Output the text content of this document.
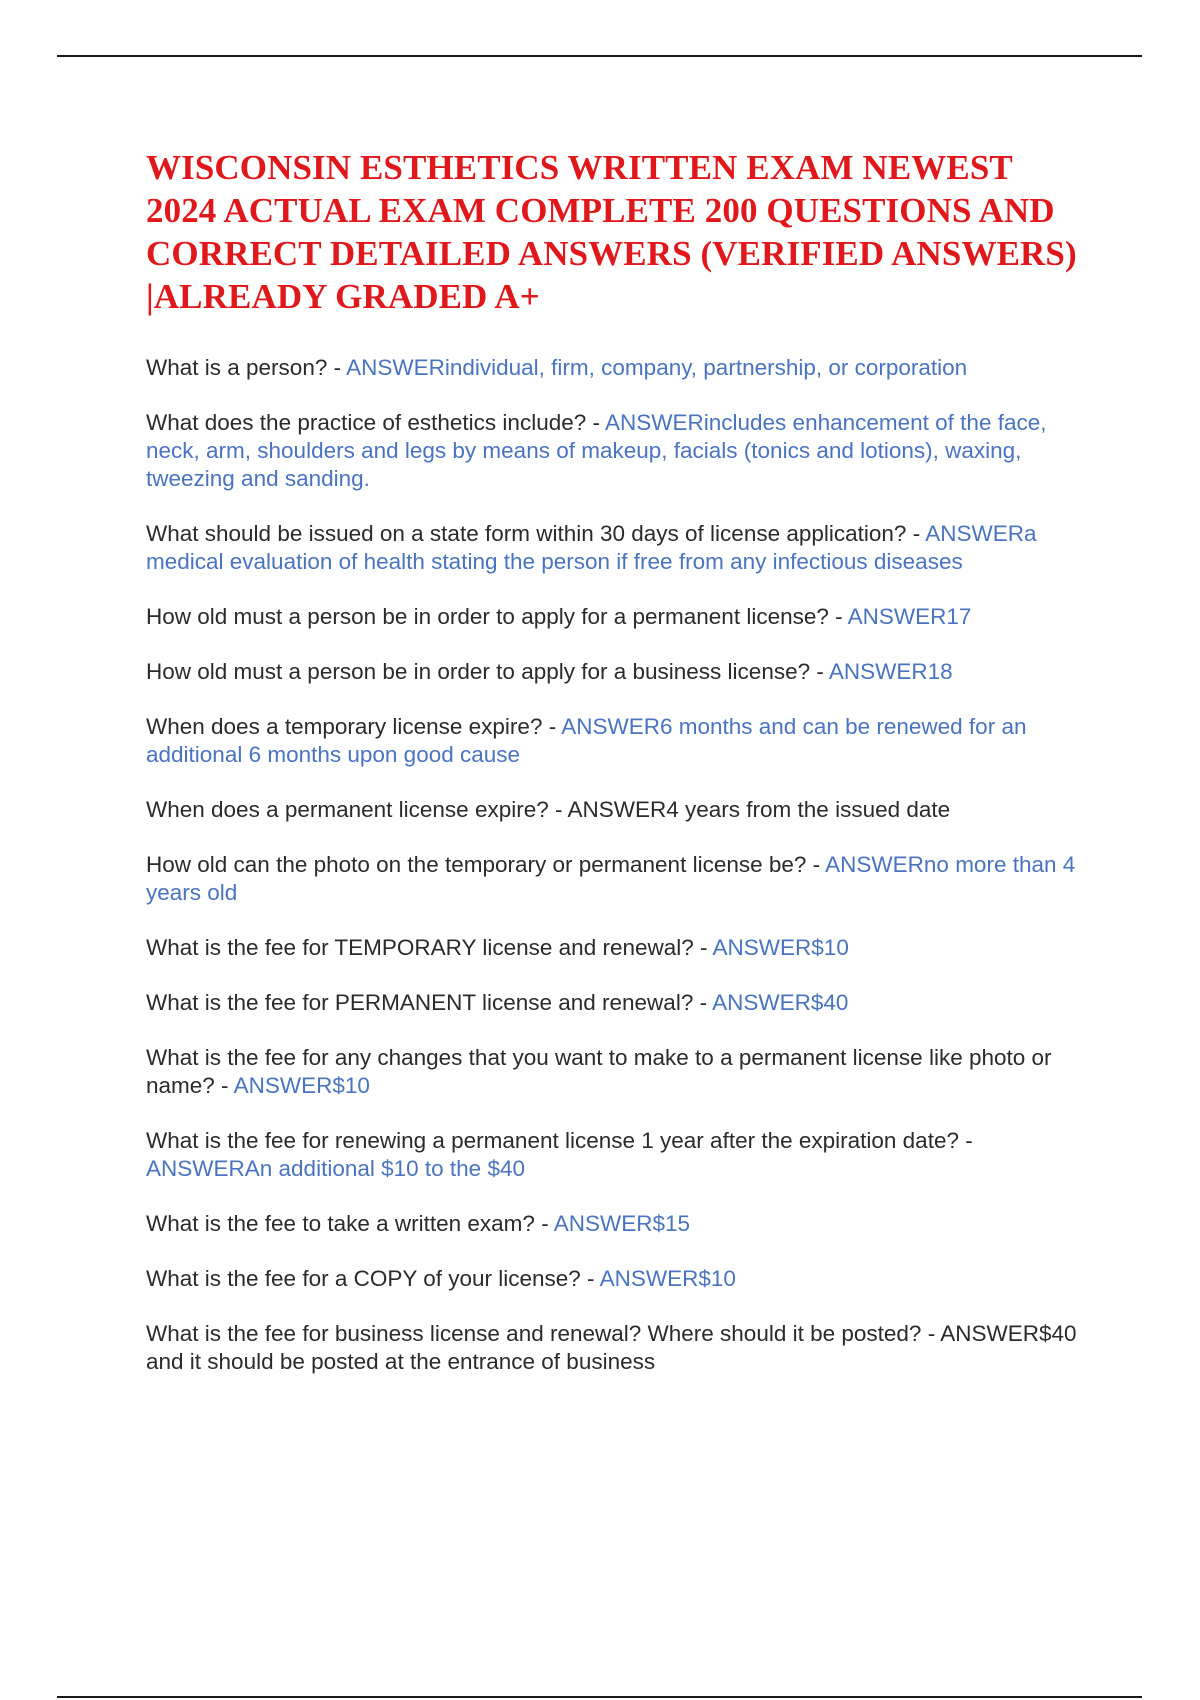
WISCONSIN ESTHETICS WRITTEN EXAM NEWEST 2024 ACTUAL EXAM COMPLETE 200 QUESTIONS AND CORRECT DETAILED ANSWERS (VERIFIED ANSWERS) |ALREADY GRADED A+

What is a person? - ANSWERindividual, firm, company, partnership, or corporation

What does the practice of esthetics include? - ANSWERincludes enhancement of the face, neck, arm, shoulders and legs by means of makeup, facials (tonics and lotions), waxing, tweezing and sanding.

What should be issued on a state form within 30 days of license application? - ANSWERa medical evaluation of health stating the person if free from any infectious diseases

How old must a person be in order to apply for a permanent license? - ANSWER17

How old must a person be in order to apply for a business license? - ANSWER18

When does a temporary license expire? - ANSWER6 months and can be renewed for an additional 6 months upon good cause

When does a permanent license expire? - ANSWER4 years from the issued date

How old can the photo on the temporary or permanent license be? - ANSWERno more than 4 years old

What is the fee for TEMPORARY license and renewal? - ANSWER$10

What is the fee for PERMANENT license and renewal? - ANSWER$40

What is the fee for any changes that you want to make to a permanent license like photo or name? - ANSWER$10

What is the fee for renewing a permanent license 1 year after the expiration date? - ANSWERAn additional $10 to the $40

What is the fee to take a written exam? - ANSWER$15

What is the fee for a COPY of your license? - ANSWER$10

What is the fee for business license and renewal? Where should it be posted? - ANSWER$40 and it should be posted at the entrance of business
